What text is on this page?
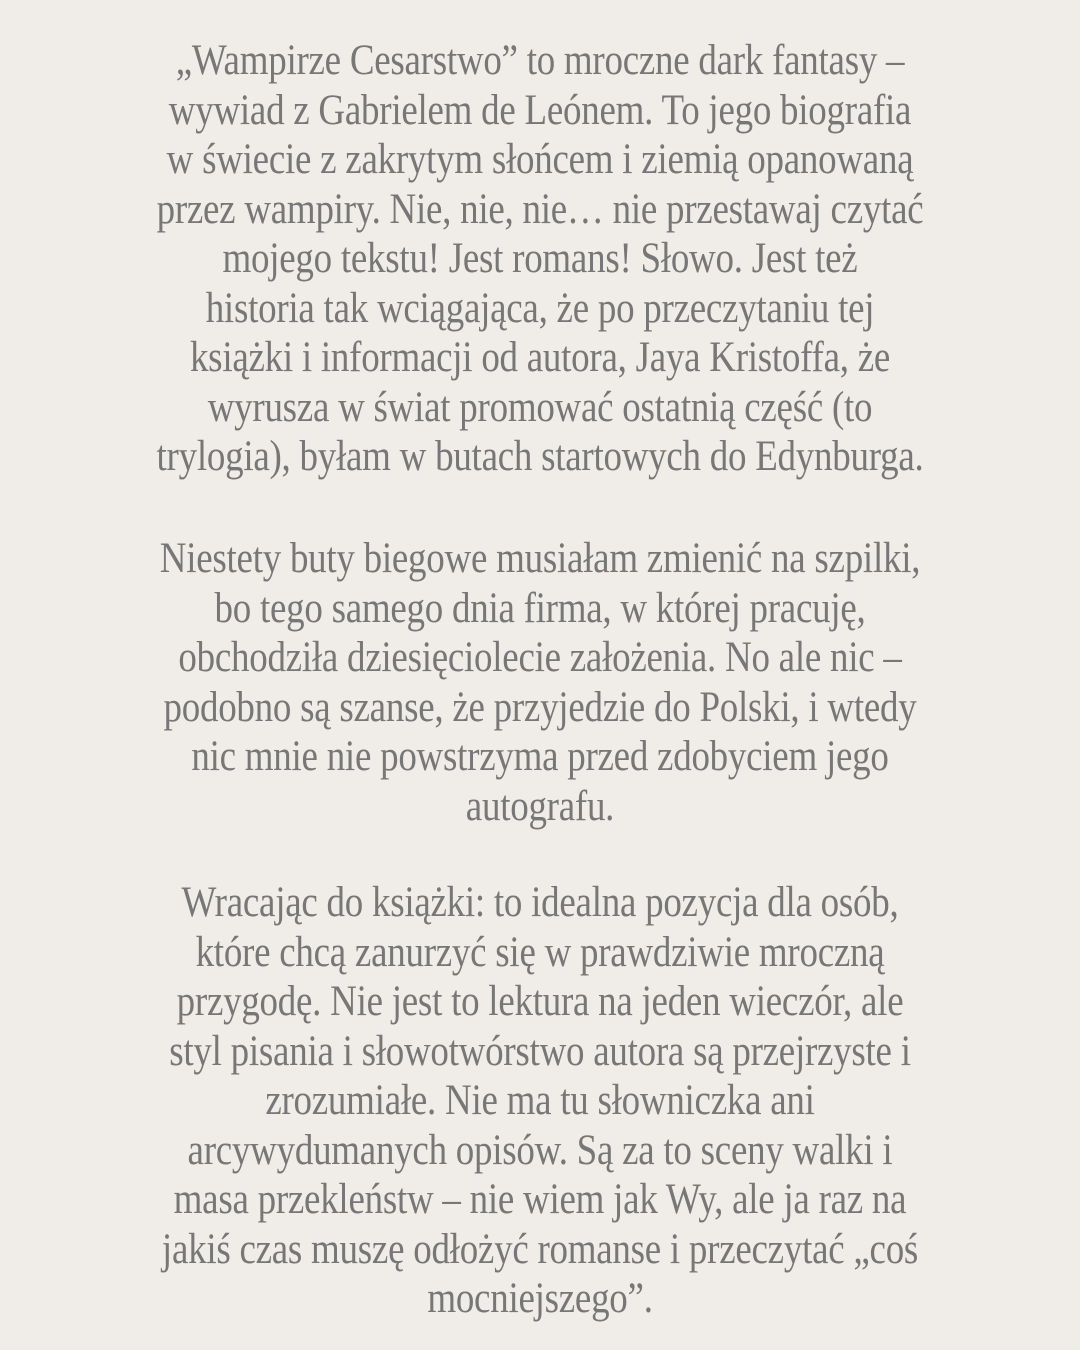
„Wampirze Cesarstwo” to mroczne dark fantasy –
wywiad z Gabrielem de Leónem. To jego biografia
w świecie z zakrytym słońcem i ziemią opanowaną
przez wampiry. Nie, nie, nie… nie przestawaj czytać
mojego tekstu! Jest romans! Słowo. Jest też
historia tak wciągająca, że po przeczytaniu tej
książki i informacji od autora, Jaya Kristoffa, że
wyrusza w świat promować ostatnią część (to
trylogia), byłam w butach startowych do Edynburga.

Niestety buty biegowe musiałam zmienić na szpilki,
bo tego samego dnia firma, w której pracuję,
obchodziła dziesięciolecie założenia. No ale nic –
podobno są szanse, że przyjedzie do Polski, i wtedy
nic mnie nie powstrzyma przed zdobyciem jego
autografu.

Wracając do książki: to idealna pozycja dla osób,
które chcą zanurzyć się w prawdziwie mroczną
przygodę. Nie jest to lektura na jeden wieczór, ale
styl pisania i słowotwórstwo autora są przejrzyste i
zrozumiałe. Nie ma tu słowniczka ani
arcywydumanych opisów. Są za to sceny walki i
masa przekleństw – nie wiem jak Wy, ale ja raz na
jakiś czas muszę odłożyć romanse i przeczytać „coś
mocniejszego”.
